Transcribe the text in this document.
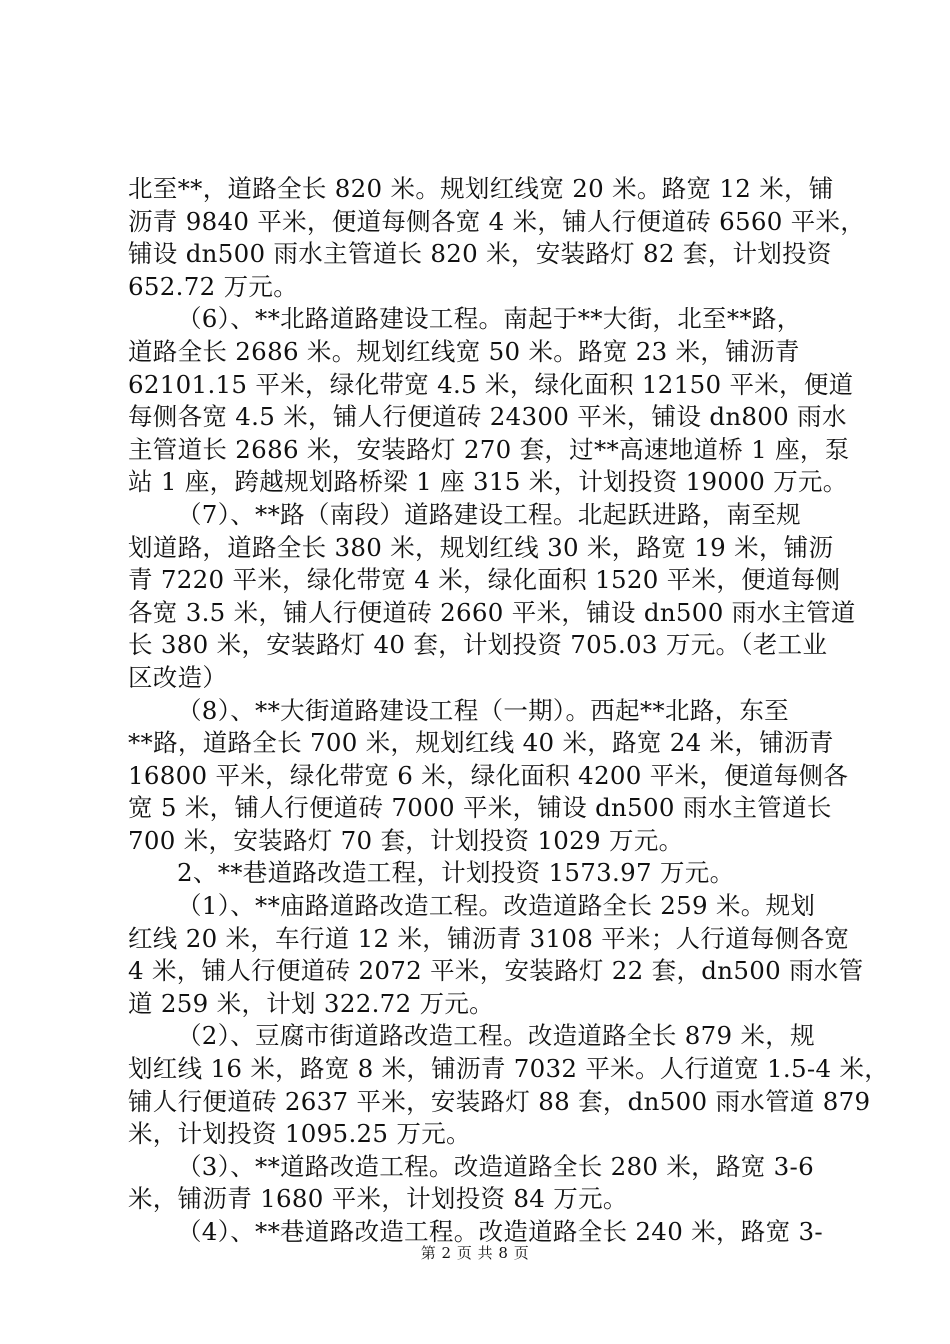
北至**，道路全长 820 米。规划红线宽 20 米。路宽 12 米，铺
沥青 9840 平米，便道每侧各宽 4 米，铺人行便道砖 6560 平米，
铺设 dn500 雨水主管道长 820 米，安装路灯 82 套，计划投资
652.72 万元。
（6）、**北路道路建设工程。南起于**大街，北至**路，
道路全长 2686 米。规划红线宽 50 米。路宽 23 米，铺沥青
62101.15 平米，绿化带宽 4.5 米，绿化面积 12150 平米，便道
每侧各宽 4.5 米，铺人行便道砖 24300 平米，铺设 dn800 雨水
主管道长 2686 米，安装路灯 270 套，过**高速地道桥 1 座，泵
站 1 座，跨越规划路桥梁 1 座 315 米，计划投资 19000 万元。
（7）、**路（南段）道路建设工程。北起跃进路，南至规
划道路，道路全长 380 米，规划红线 30 米，路宽 19 米，铺沥
青 7220 平米，绿化带宽 4 米，绿化面积 1520 平米，便道每侧
各宽 3.5 米，铺人行便道砖 2660 平米，铺设 dn500 雨水主管道
长 380 米，安装路灯 40 套，计划投资 705.03 万元。（老工业
区改造）
（8）、**大街道路建设工程（一期）。西起**北路，东至
**路，道路全长 700 米，规划红线 40 米，路宽 24 米，铺沥青
16800 平米，绿化带宽 6 米，绿化面积 4200 平米，便道每侧各
宽 5 米，铺人行便道砖 7000 平米，铺设 dn500 雨水主管道长
700 米，安装路灯 70 套，计划投资 1029 万元。
2、**巷道路改造工程，计划投资 1573.97 万元。
（1）、**庙路道路改造工程。改造道路全长 259 米。规划
红线 20 米，车行道 12 米，铺沥青 3108 平米；人行道每侧各宽
4 米，铺人行便道砖 2072 平米，安装路灯 22 套，dn500 雨水管
道 259 米，计划 322.72 万元。
（2）、豆腐市街道路改造工程。改造道路全长 879 米，规
划红线 16 米，路宽 8 米，铺沥青 7032 平米。人行道宽 1.5-4 米，
铺人行便道砖 2637 平米，安装路灯 88 套，dn500 雨水管道 879
米，计划投资 1095.25 万元。
（3）、**道路改造工程。改造道路全长 280 米，路宽 3-6
米，铺沥青 1680 平米，计划投资 84 万元。
（4）、**巷道路改造工程。改造道路全长 240 米，路宽 3-
第 2 页 共 8 页
